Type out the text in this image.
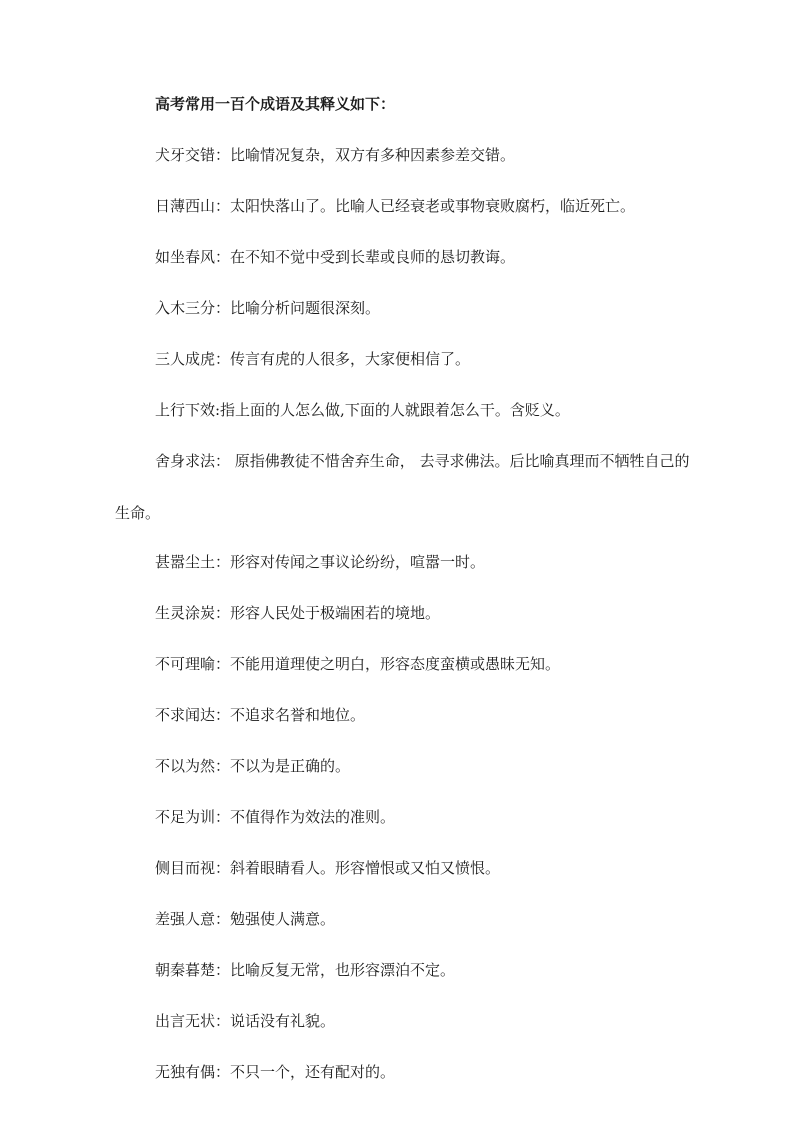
高考常用一百个成语及其释义如下：
犬牙交错：比喻情况复杂，双方有多种因素参差交错。
日薄西山：太阳快落山了。比喻人已经衰老或事物衰败腐朽，临近死亡。
如坐春风：在不知不觉中受到长辈或良师的恳切教诲。
入木三分：比喻分析问题很深刻。
三人成虎：传言有虎的人很多，大家便相信了。
上行下效:指上面的人怎么做,下面的人就跟着怎么干。含贬义。
舍身求法： 原指佛教徒不惜舍弃生命， 去寻求佛法。后比喻真理而不牺牲自己的生命。
甚嚣尘土：形容对传闻之事议论纷纷，喧嚣一时。
生灵涂炭：形容人民处于极端困若的境地。
不可理喻：不能用道理使之明白，形容态度蛮横或愚昧无知。
不求闻达：不追求名誉和地位。
不以为然：不以为是正确的。
不足为训：不值得作为效法的准则。
侧目而视：斜着眼睛看人。形容憎恨或又怕又愤恨。
差强人意：勉强使人满意。
朝秦暮楚：比喻反复无常，也形容漂泊不定。
出言无状：说话没有礼貌。
无独有偶：不只一个，还有配对的。
